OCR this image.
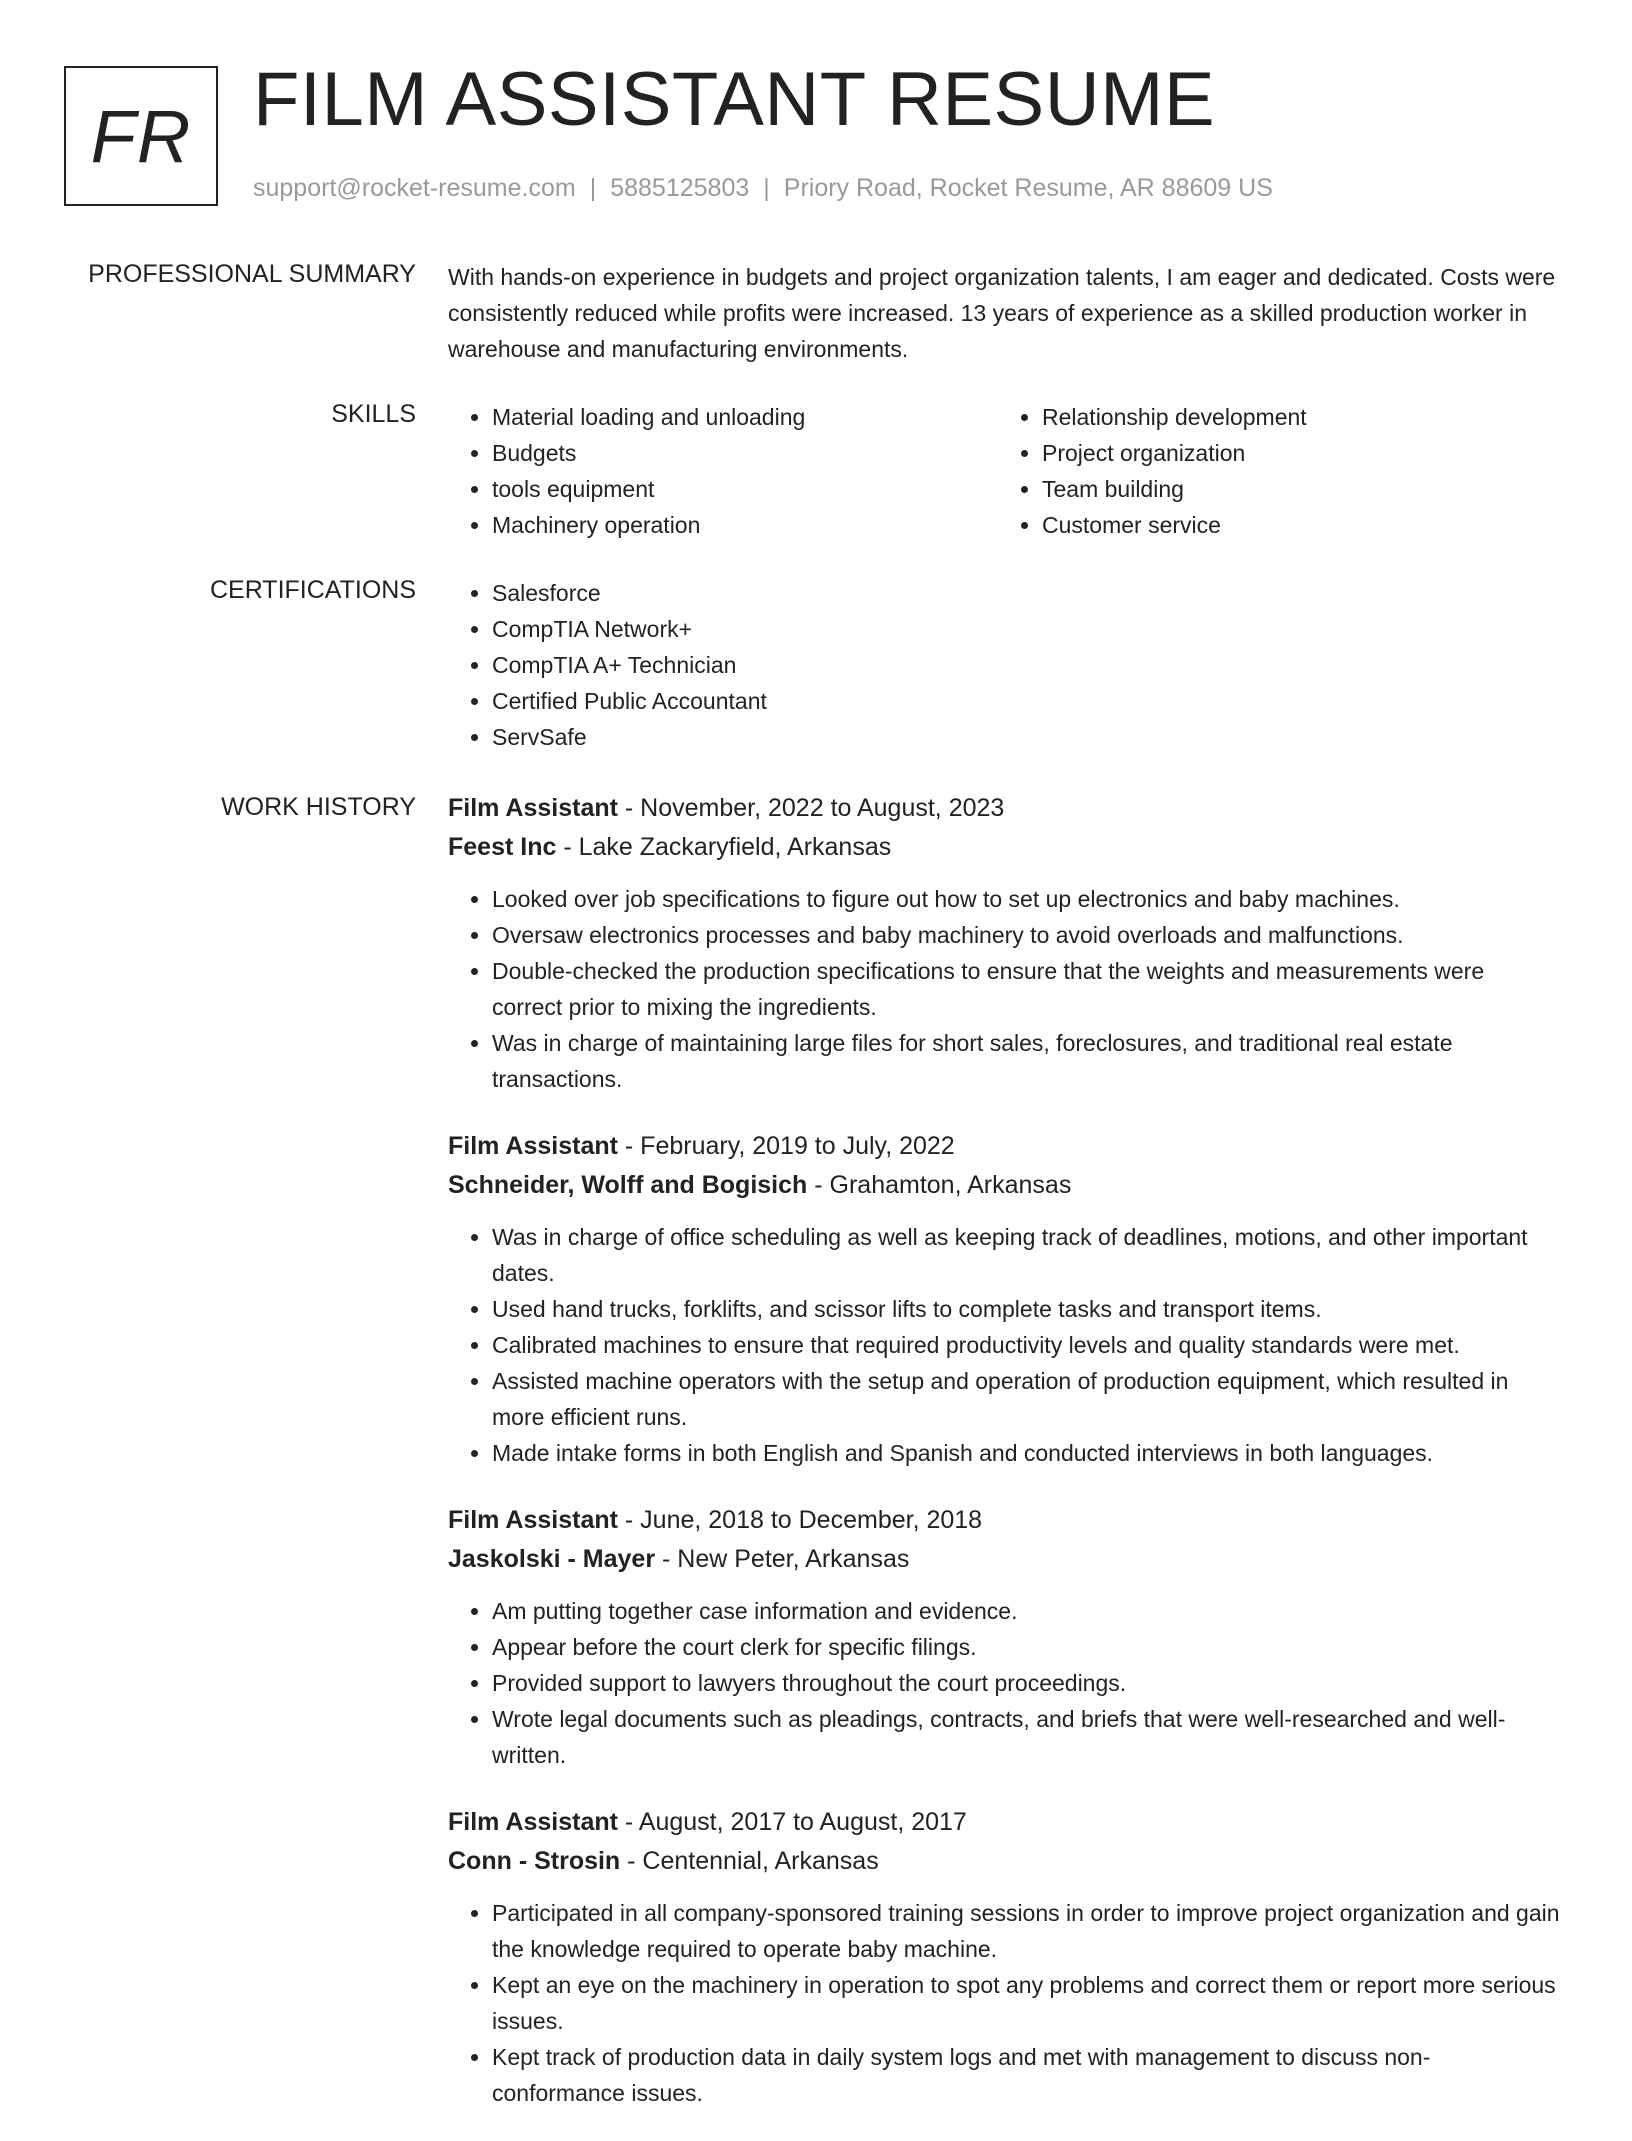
FR FILM ASSISTANT RESUME
support@rocket-resume.com | 5885125803 | Priory Road, Rocket Resume, AR 88609 US
PROFESSIONAL SUMMARY With hands-on experience in budgets and project organization talents, I am eager and dedicated. Costs were consistently reduced while profits were increased. 13 years of experience as a skilled production worker in warehouse and manufacturing environments.
SKILLS	• Material loading and unloading
• Budgets
• tools equipment
• Machinery operation
• Relationship development
• Project organization
• Team building
• Customer service
CERTIFICATIONS	• Salesforce
• CompTIA Network+
• CompTIA A+ Technician
• Certified Public Accountant
• ServSafe
WORK HISTORY Film Assistant - November, 2022 to August, 2023
Feest Inc - Lake Zackaryfield, Arkansas
• Looked over job specifications to figure out how to set up electronics and baby machines.
• Oversaw electronics processes and baby machinery to avoid overloads and malfunctions.
• Double-checked the production specifications to ensure that the weights and measurements were correct prior to mixing the ingredients.
• Was in charge of maintaining large files for short sales, foreclosures, and traditional real estate transactions.
Film Assistant - February, 2019 to July, 2022
Schneider, Wolff and Bogisich - Grahamton, Arkansas
• Was in charge of office scheduling as well as keeping track of deadlines, motions, and other important dates.
• Used hand trucks, forklifts, and scissor lifts to complete tasks and transport items.
• Calibrated machines to ensure that required productivity levels and quality standards were met.
• Assisted machine operators with the setup and operation of production equipment, which resulted in more efficient runs.
• Made intake forms in both English and Spanish and conducted interviews in both languages.
Film Assistant - June, 2018 to December, 2018
Jaskolski - Mayer - New Peter, Arkansas
• Am putting together case information and evidence.
• Appear before the court clerk for specific filings.
• Provided support to lawyers throughout the court proceedings.
• Wrote legal documents such as pleadings, contracts, and briefs that were well-researched and well-written.
Film Assistant - August, 2017 to August, 2017
Conn - Strosin - Centennial, Arkansas
• Participated in all company-sponsored training sessions in order to improve project organization and gain the knowledge required to operate baby machine.
• Kept an eye on the machinery in operation to spot any problems and correct them or report more serious issues.
• Kept track of production data in daily system logs and met with management to discuss non-conformance issues.
